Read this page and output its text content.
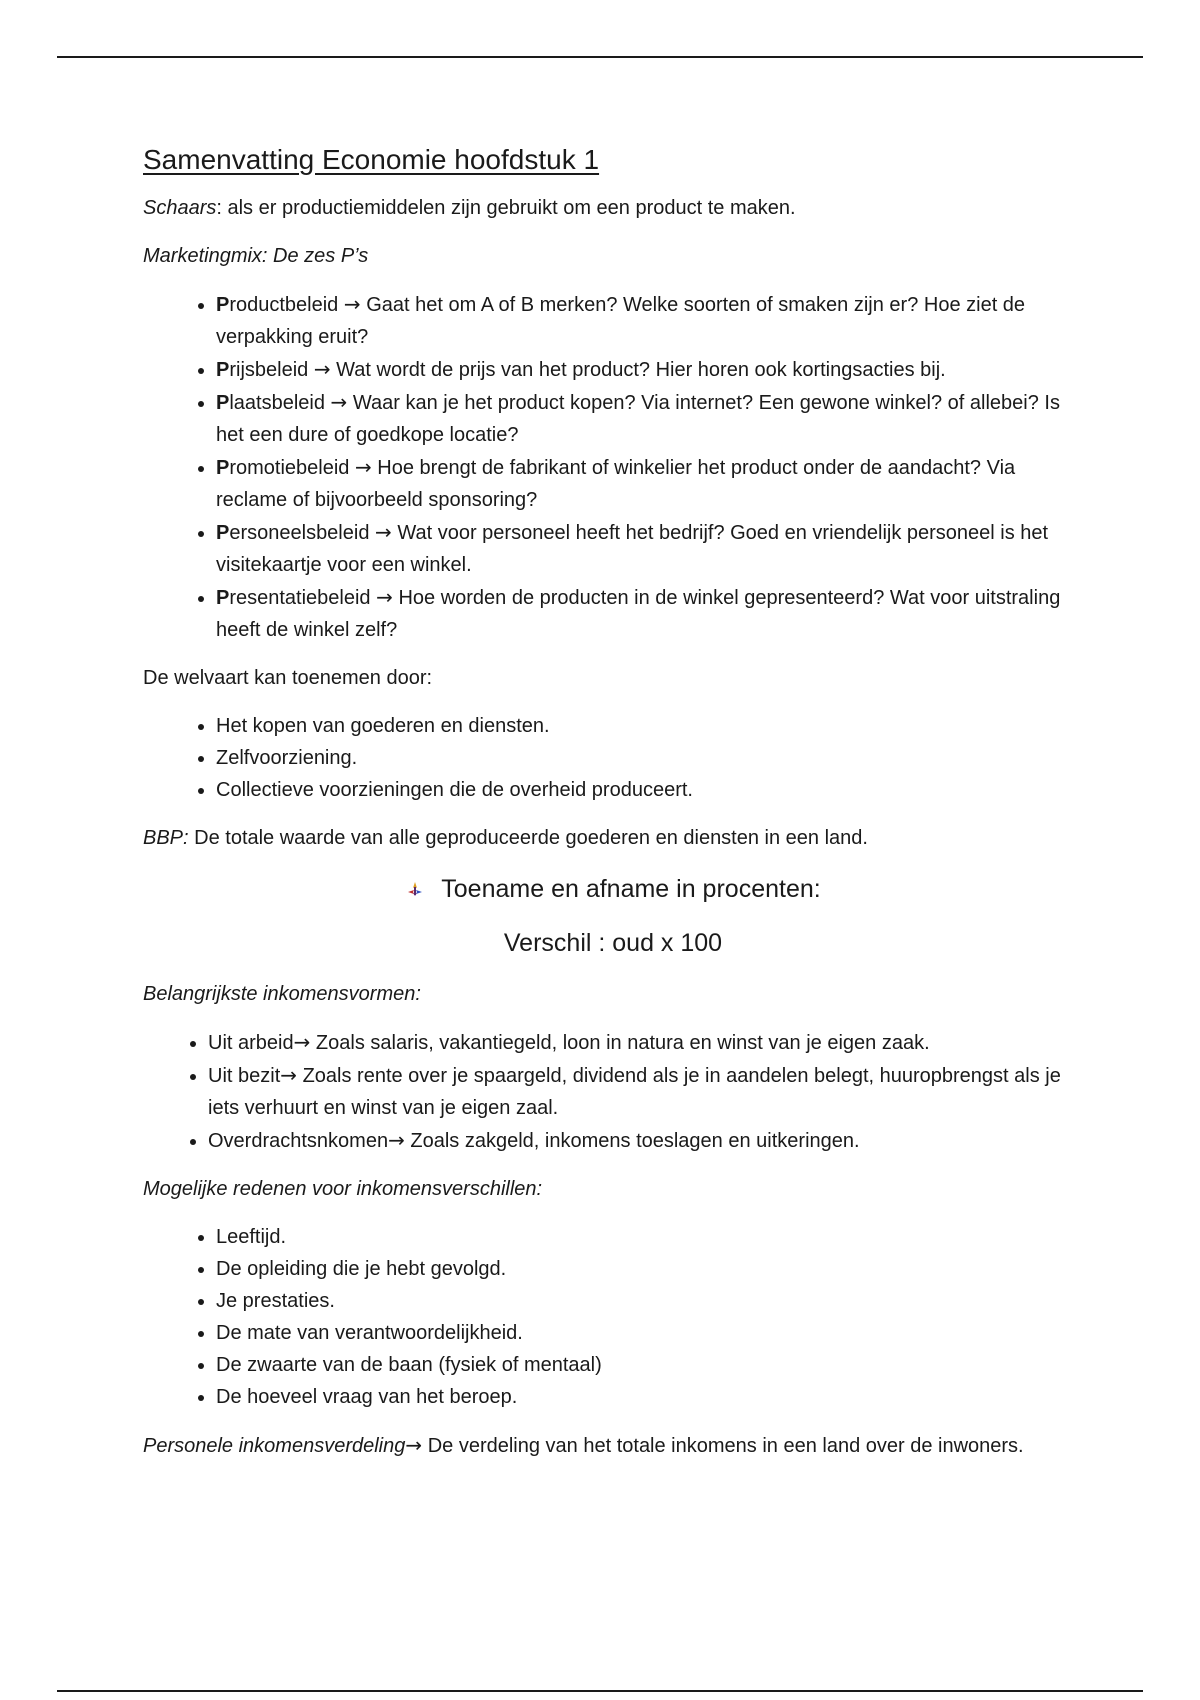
Samenvatting Economie hoofdstuk 1

Schaars: als er productiemiddelen zijn gebruikt om een product te maken.

Marketingmix: De zes P’s

• Productbeleid → Gaat het om A of B merken? Welke soorten of smaken zijn er? Hoe ziet de verpakking eruit?
• Prijsbeleid → Wat wordt de prijs van het product? Hier horen ook kortingsacties bij.
• Plaatsbeleid → Waar kan je het product kopen? Via internet? Een gewone winkel? of allebei? Is het een dure of goedkope locatie?
• Promotiebeleid → Hoe brengt de fabrikant of winkelier het product onder de aandacht? Via reclame of bijvoorbeeld sponsoring?
• Personeelsbeleid → Wat voor personeel heeft het bedrijf? Goed en vriendelijk personeel is het visitekaartje voor een winkel.
• Presentatiebeleid → Hoe worden de producten in de winkel gepresenteerd? Wat voor uitstraling heeft de winkel zelf?

De welvaart kan toenemen door:

• Het kopen van goederen en diensten.
• Zelfvoorziening.
• Collectieve voorzieningen die de overheid produceert.

BBP: De totale waarde van alle geproduceerde goederen en diensten in een land.

Toename en afname in procenten:
Verschil : oud x 100

Belangrijkste inkomensvormen:

• Uit arbeid→ Zoals salaris, vakantiegeld, loon in natura en winst van je eigen zaak.
• Uit bezit→ Zoals rente over je spaargeld, dividend als je in aandelen belegt, huuropbrengst als je iets verhuurt en winst van je eigen zaal.
• Overdrachtsnkomen→ Zoals zakgeld, inkomens toeslagen en uitkeringen.

Mogelijke redenen voor inkomensverschillen:

• Leeftijd.
• De opleiding die je hebt gevolgd.
• Je prestaties.
• De mate van verantwoordelijkheid.
• De zwaarte van de baan (fysiek of mentaal)
• De hoeveel vraag van het beroep.

Personele inkomensverdeling→ De verdeling van het totale inkomens in een land over de inwoners.
